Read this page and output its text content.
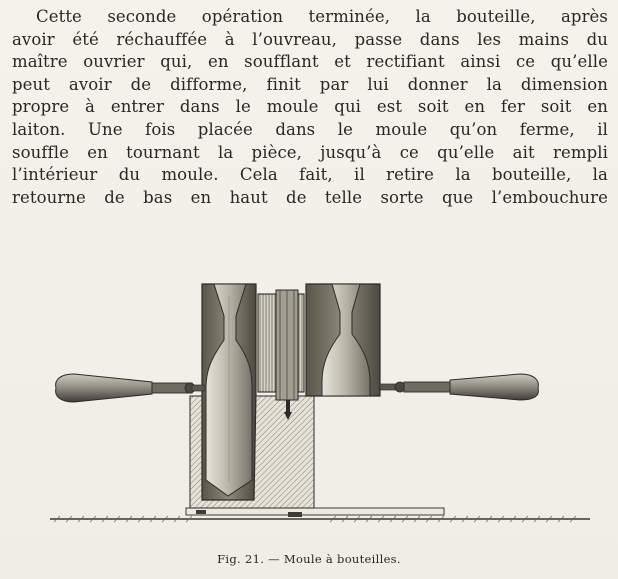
Cette seconde opération terminée, la bouteille, après
avoir été réchauffée à l’ouvreau, passe dans les mains du
maître ouvrier qui, en soufflant et rectifiant ainsi ce qu’elle
peut avoir de difforme, finit par lui donner la dimension
propre à entrer dans le moule qui est soit en fer soit en
laiton. Une fois placée dans le moule qu’on ferme, il
souffle en tournant la pièce, jusqu’à ce qu’elle ait rempli
l’intérieur du moule. Cela fait, il retire la bouteille, la
retourne de bas en haut de telle sorte que l’embouchure
Fig. 21. — Moule à bouteilles.
